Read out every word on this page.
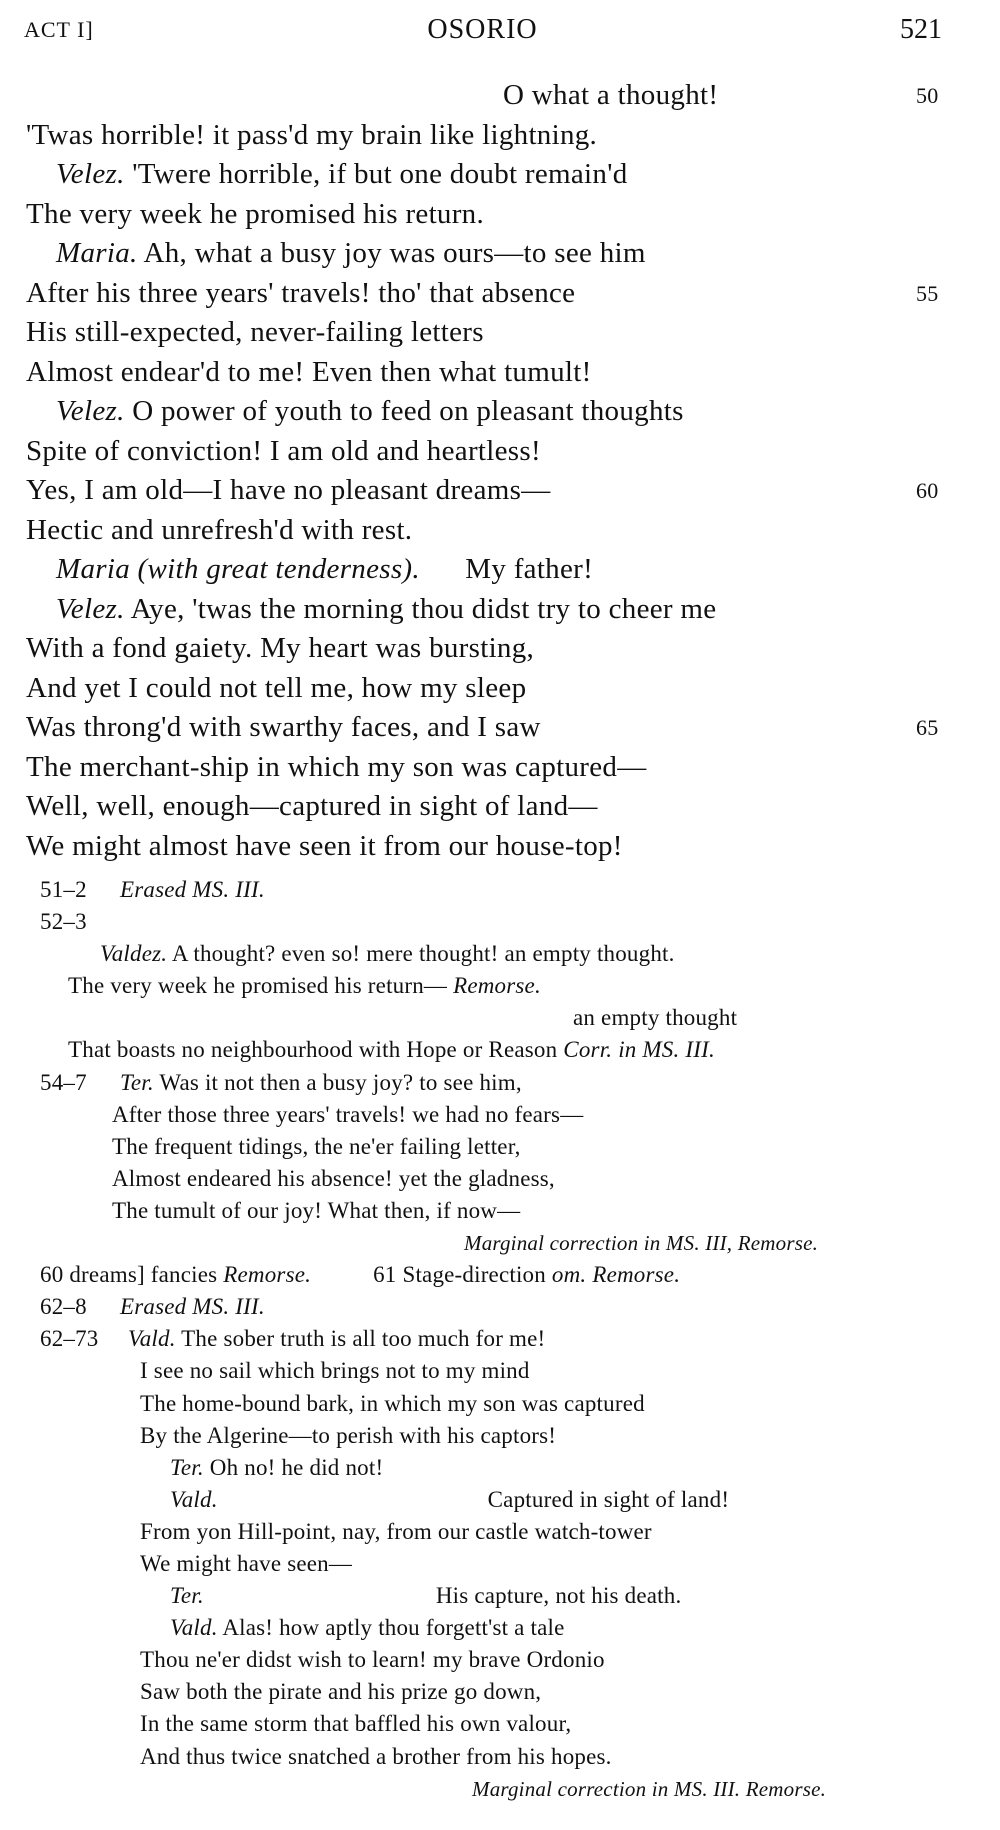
ACT I]	OSORIO	521
O what a thought!	50
'Twas horrible! it pass'd my brain like lightning.
Velez. 'Twere horrible, if but one doubt remain'd
The very week he promised his return.
Maria. Ah, what a busy joy was ours—to see him
After his three years' travels! tho' that absence	55
His still-expected, never-failing letters
Almost endear'd to me! Even then what tumult!
Velez. O power of youth to feed on pleasant thoughts
Spite of conviction! I am old and heartless!
Yes, I am old—I have no pleasant dreams—	60
Hectic and unrefresh'd with rest.
Maria (with great tenderness).      My father!
Velez. Aye, 'twas the morning thou didst try to cheer me
With a fond gaiety. My heart was bursting,
And yet I could not tell me, how my sleep
Was throng'd with swarthy faces, and I saw	65
The merchant-ship in which my son was captured—
Well, well, enough—captured in sight of land—
We might almost have seen it from our house-top!
51–2 Erased MS. III.
52–3
Valdez. A thought? even so! mere thought! an empty thought.
The very week he promised his return— Remorse.
an empty thought
That boasts no neighbourhood with Hope or Reason Corr. in MS. III.
54–7 Ter. Was it not then a busy joy? to see him,
After those three years' travels! we had no fears—
The frequent tidings, the ne'er failing letter,
Almost endeared his absence! yet the gladness,
The tumult of our joy! What then, if now—
Marginal correction in MS. III, Remorse.
60 dreams] fancies Remorse.	61 Stage-direction om. Remorse.
62–8 Erased MS. III.
62–73 Vald. The sober truth is all too much for me!
I see no sail which brings not to my mind
The home-bound bark, in which my son was captured
By the Algerine—to perish with his captors!
Ter. Oh no! he did not!
Vald.	Captured in sight of land!
From yon Hill-point, nay, from our castle watch-tower
We might have seen—
Ter.	His capture, not his death.
Vald. Alas! how aptly thou forgett'st a tale
Thou ne'er didst wish to learn! my brave Ordonio
Saw both the pirate and his prize go down,
In the same storm that baffled his own valour,
And thus twice snatched a brother from his hopes.
Marginal correction in MS. III. Remorse.
